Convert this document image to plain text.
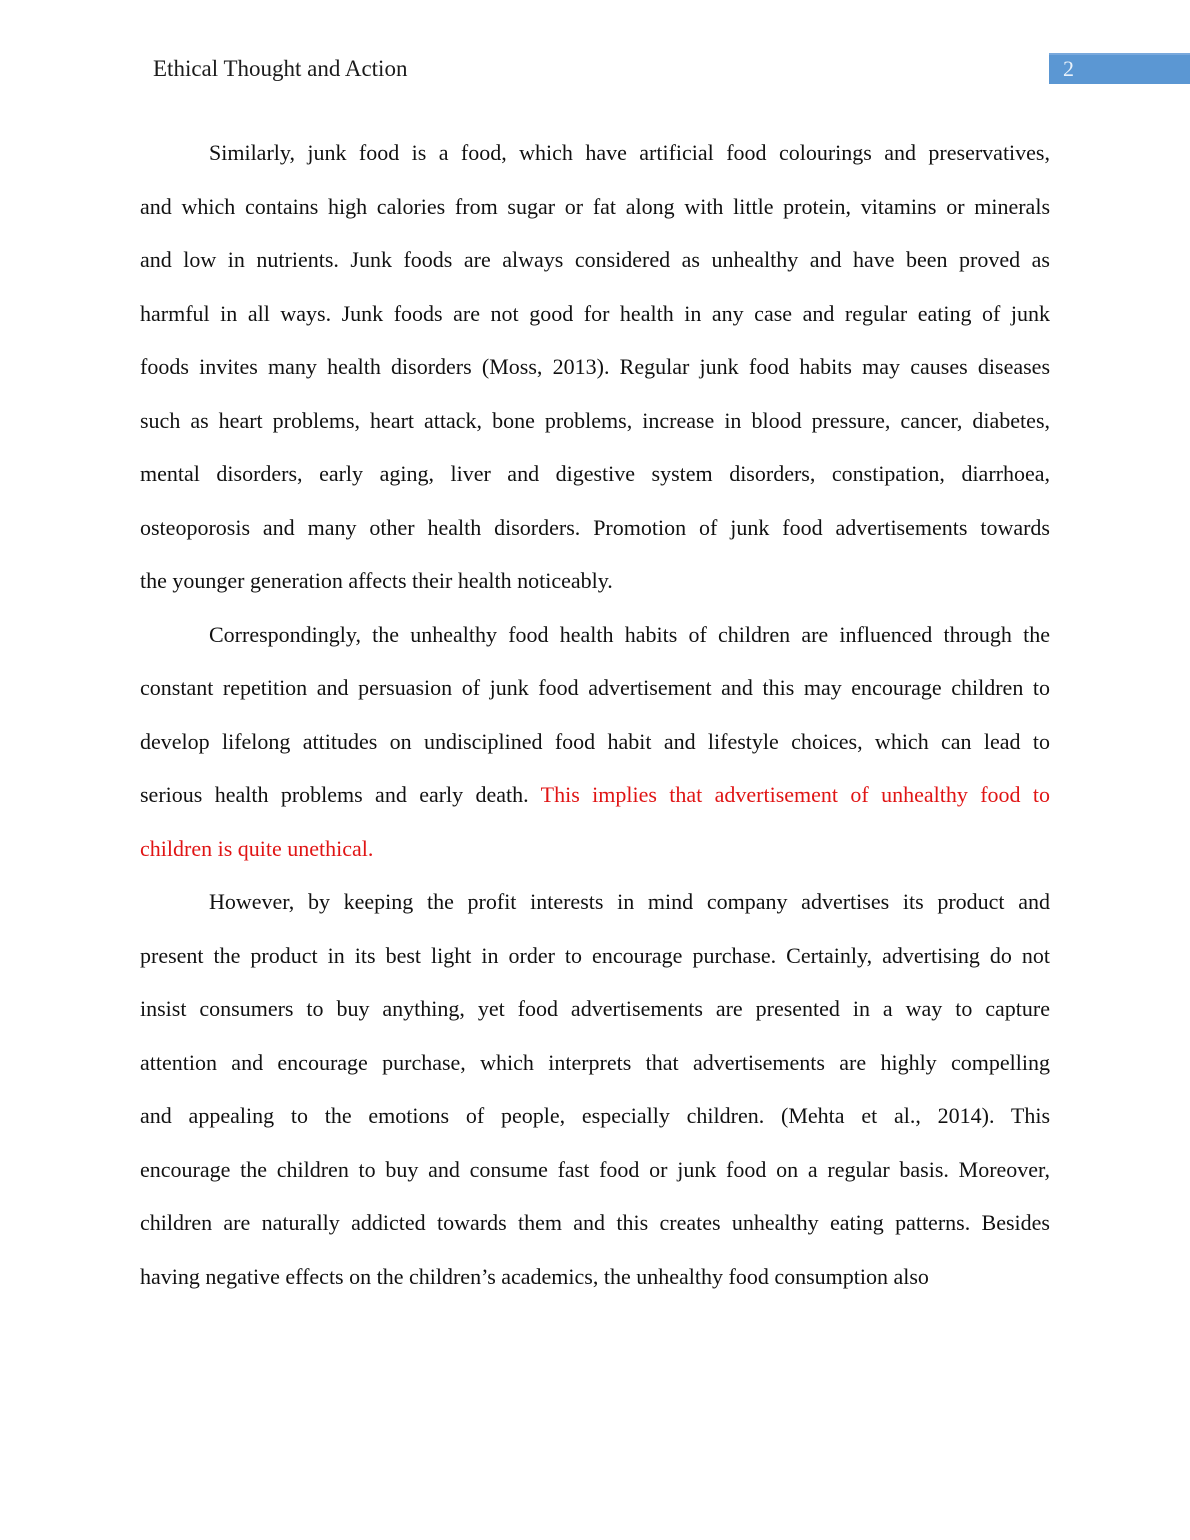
Ethical Thought and Action	2
Similarly, junk food is a food, which have artificial food colourings and preservatives,
and which contains high calories from sugar or fat along with little protein, vitamins or minerals
and low in nutrients. Junk foods are always considered as unhealthy and have been proved as
harmful in all ways. Junk foods are not good for health in any case and regular eating of junk
foods invites many health disorders (Moss, 2013). Regular junk food habits may causes diseases
such as heart problems, heart attack, bone problems, increase in blood pressure, cancer, diabetes,
mental disorders, early aging, liver and digestive system disorders, constipation, diarrhoea,
osteoporosis and many other health disorders. Promotion of junk food advertisements towards
the younger generation affects their health noticeably.
Correspondingly, the unhealthy food health habits of children are influenced through the
constant repetition and persuasion of junk food advertisement and this may encourage children to
develop lifelong attitudes on undisciplined food habit and lifestyle choices, which can lead to
serious health problems and early death. This implies that advertisement of unhealthy food to
children is quite unethical.
However, by keeping the profit interests in mind company advertises its product and
present the product in its best light in order to encourage purchase. Certainly, advertising do not
insist consumers to buy anything, yet food advertisements are presented in a way to capture
attention and encourage purchase, which interprets that advertisements are highly compelling
and appealing to the emotions of people, especially children. (Mehta et al., 2014). This
encourage the children to buy and consume fast food or junk food on a regular basis. Moreover,
children are naturally addicted towards them and this creates unhealthy eating patterns. Besides
having negative effects on the children’s academics, the unhealthy food consumption also
